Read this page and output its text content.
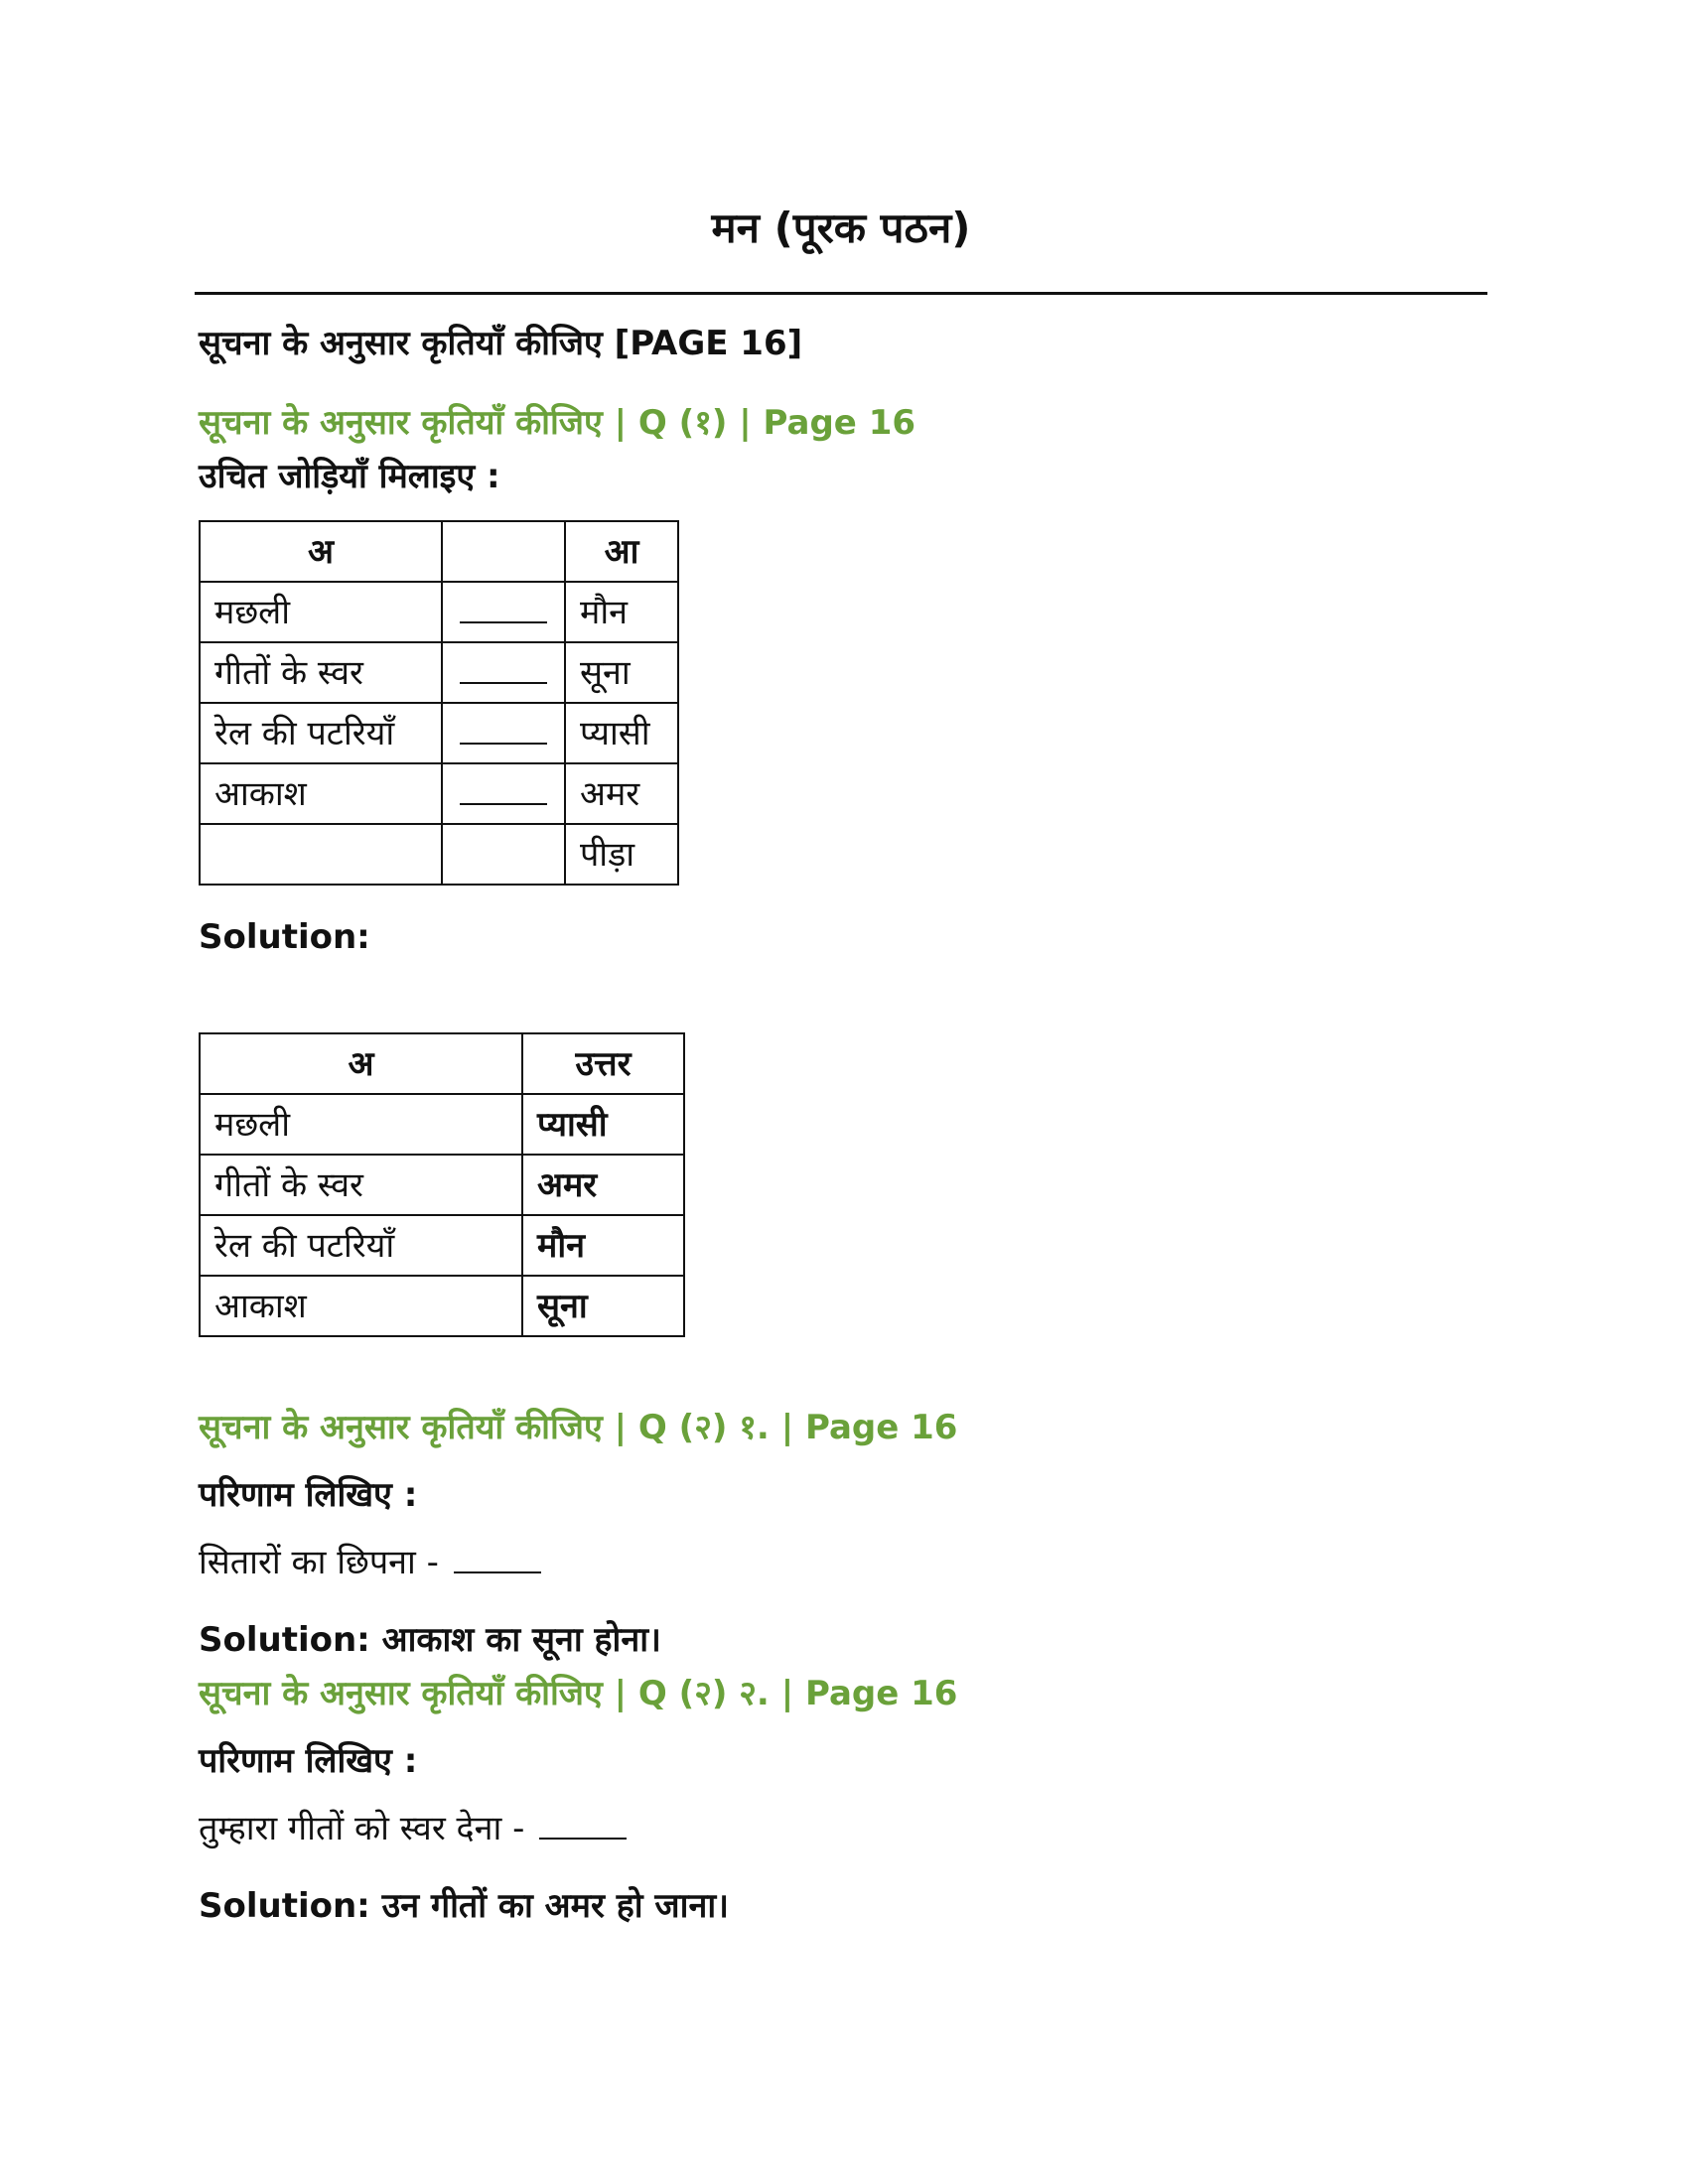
मन (पूरक पठन)
सूचना के अनुसार कृतियाँ कीजिए [PAGE 16]
सूचना के अनुसार कृतियाँ कीजिए | Q (१) | Page 16
उचित जोड़ियाँ मिलाइए :
अ		आ
मछली		मौन
गीतों के स्वर		सूना
रेल की पटरियाँ		प्यासी
आकाश		अमर
		पीड़ा
Solution:
अ	उत्तर
मछली	प्यासी
गीतों के स्वर	अमर
रेल की पटरियाँ	मौन
आकाश	सूना
सूचना के अनुसार कृतियाँ कीजिए | Q (२) १. | Page 16
परिणाम लिखिए :
सितारों का छिपना -
Solution: आकाश का सूना होना।
सूचना के अनुसार कृतियाँ कीजिए | Q (२) २. | Page 16
परिणाम लिखिए :
तुम्हारा गीतों को स्वर देना -
Solution: उन गीतों का अमर हो जाना।
